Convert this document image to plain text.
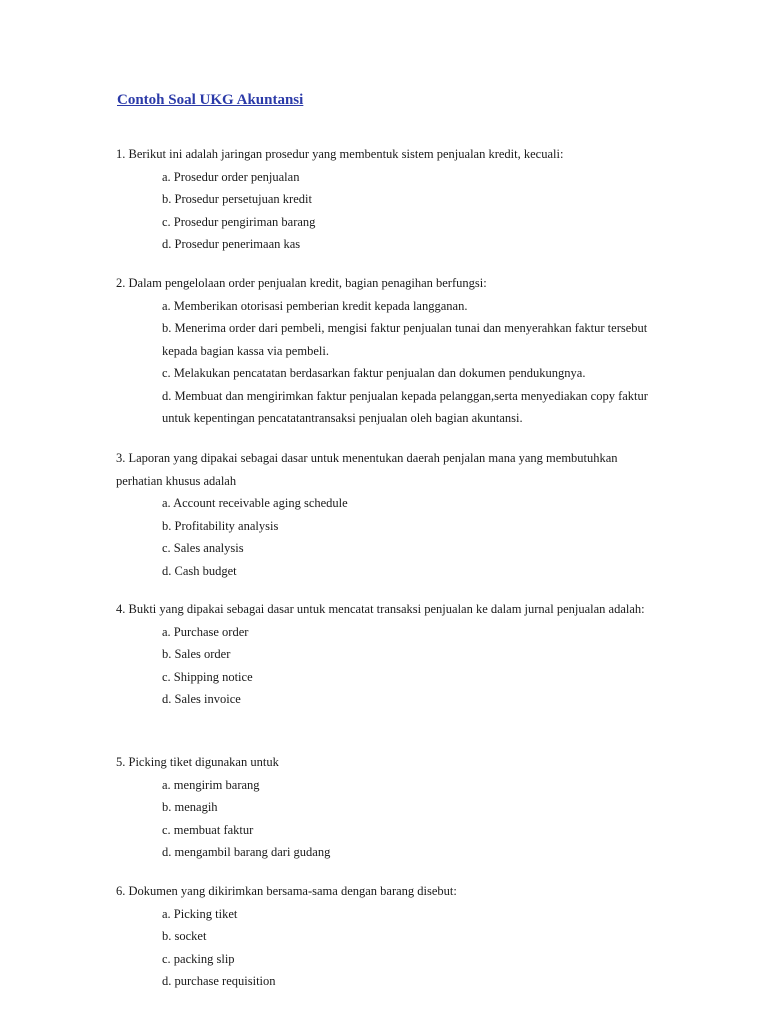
Contoh Soal UKG Akuntansi

1. Berikut ini adalah jaringan prosedur yang membentuk sistem penjualan kredit, kecuali:

a. Prosedur order penjualan

b. Prosedur persetujuan kredit

c. Prosedur pengiriman barang

d. Prosedur penerimaan kas

2. Dalam pengelolaan order penjualan kredit, bagian penagihan berfungsi:

a. Memberikan otorisasi pemberian kredit kepada langganan.

b. Menerima order dari pembeli, mengisi faktur penjualan tunai dan menyerahkan faktur tersebut kepada bagian kassa via pembeli.

c. Melakukan pencatatan berdasarkan faktur penjualan dan dokumen pendukungnya.

d. Membuat dan mengirimkan faktur penjualan kepada pelanggan,serta menyediakan copy faktur untuk kepentingan pencatatantransaksi penjualan oleh bagian akuntansi.

3. Laporan yang dipakai sebagai dasar untuk menentukan daerah penjalan mana yang membutuhkan perhatian khusus adalah

a. Account receivable aging schedule

b. Profitability analysis

c. Sales analysis

d. Cash budget

4. Bukti yang dipakai sebagai dasar untuk mencatat transaksi penjualan ke dalam jurnal penjualan adalah:

a. Purchase order

b. Sales order

c. Shipping notice

d. Sales invoice

5. Picking tiket digunakan untuk

a. mengirim barang

b. menagih

c. membuat faktur

d. mengambil barang dari gudang

6. Dokumen yang dikirimkan bersama-sama dengan barang disebut:

a. Picking tiket

b. socket

c. packing slip

d. purchase requisition
